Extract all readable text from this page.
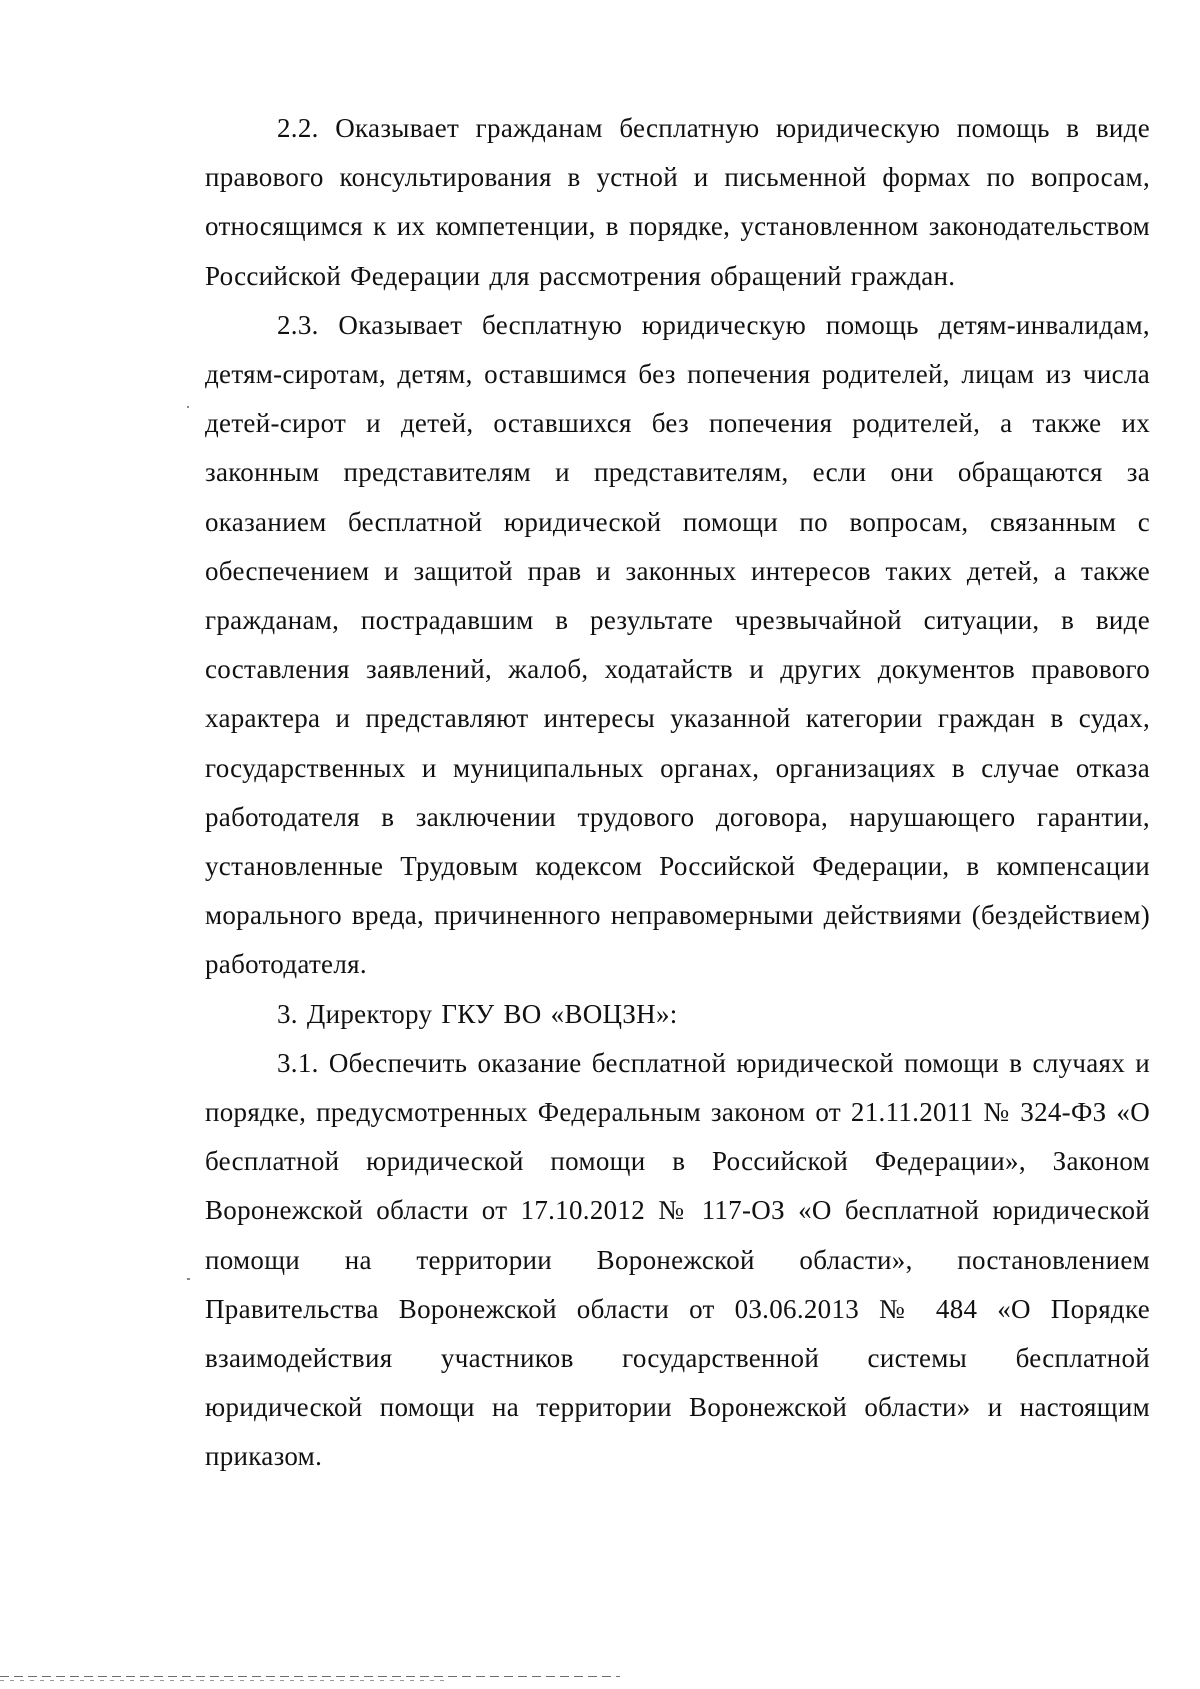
2.2. Оказывает гражданам бесплатную юридическую помощь в виде правового консультирования в устной и письменной формах по вопросам, относящимся к их компетенции, в порядке, установленном законодательством Российской Федерации для рассмотрения обращений граждан.

2.3. Оказывает бесплатную юридическую помощь детям-инвалидам, детям-сиротам, детям, оставшимся без попечения родителей, лицам из числа детей-сирот и детей, оставшихся без попечения родителей, а также их законным представителям и представителям, если они обращаются за оказанием бесплатной юридической помощи по вопросам, связанным с обеспечением и защитой прав и законных интересов таких детей, а также гражданам, пострадавшим в результате чрезвычайной ситуации, в виде составления заявлений, жалоб, ходатайств и других документов правового характера и представляют интересы указанной категории граждан в судах, государственных и муниципальных органах, организациях в случае отказа работодателя в заключении трудового договора, нарушающего гарантии, установленные Трудовым кодексом Российской Федерации, в компенсации морального вреда, причиненного неправомерными действиями (бездействием) работодателя.

3. Директору ГКУ ВО «ВОЦЗН»:

3.1. Обеспечить оказание бесплатной юридической помощи в случаях и порядке, предусмотренных Федеральным законом от 21.11.2011 № 324-ФЗ «О бесплатной юридической помощи в Российской Федерации», Законом Воронежской области от 17.10.2012 № 117-ОЗ «О бесплатной юридической помощи на территории Воронежской области», постановлением Правительства Воронежской области от 03.06.2013 № 484 «О Порядке взаимодействия участников государственной системы бесплатной юридической помощи на территории Воронежской области» и настоящим приказом.
